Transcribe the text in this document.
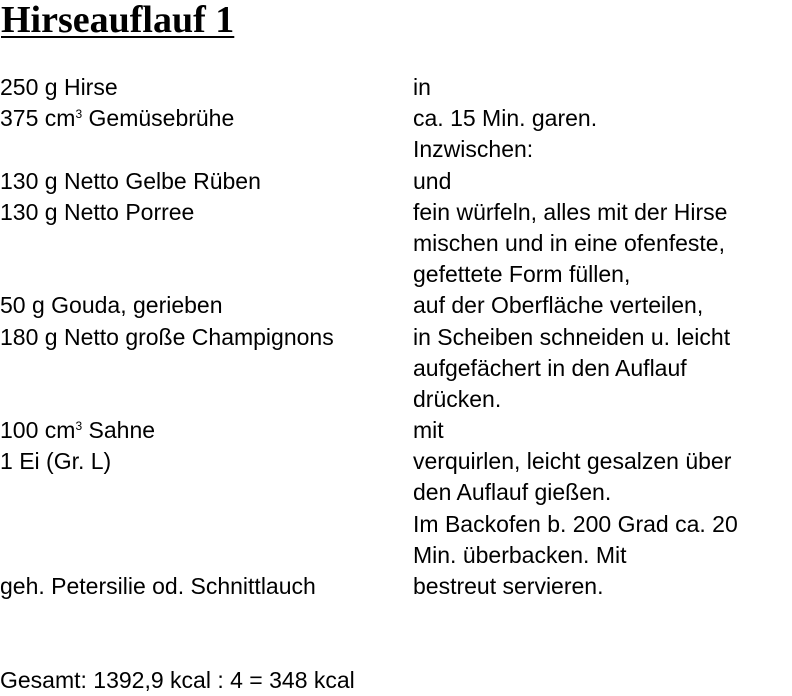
Hirseauflauf 1
250 g Hirse	in
375 $cm^3$ Gemüsebrühe	ca. 15 Min. garen.
Inzwischen:
130 g Netto Gelbe Rüben	und
130 g Netto Porree	fein würfeln, alles mit der Hirse
mischen und in eine ofenfeste,
gefettete Form füllen,
50 g Gouda, gerieben	auf der Oberfläche verteilen,
180 g Netto große Champignons	in Scheiben schneiden u. leicht
aufgefächert in den Auflauf
drücken.
100 $cm^3$ Sahne	mit
1 Ei (Gr. L)	verquirlen, leicht gesalzen über
den Auflauf gießen.
Im Backofen b. 200 Grad ca. 20
Min. überbacken. Mit
geh. Petersilie od. Schnittlauch	bestreut servieren.
Gesamt: 1392,9 kcal : 4 = 348 kcal
